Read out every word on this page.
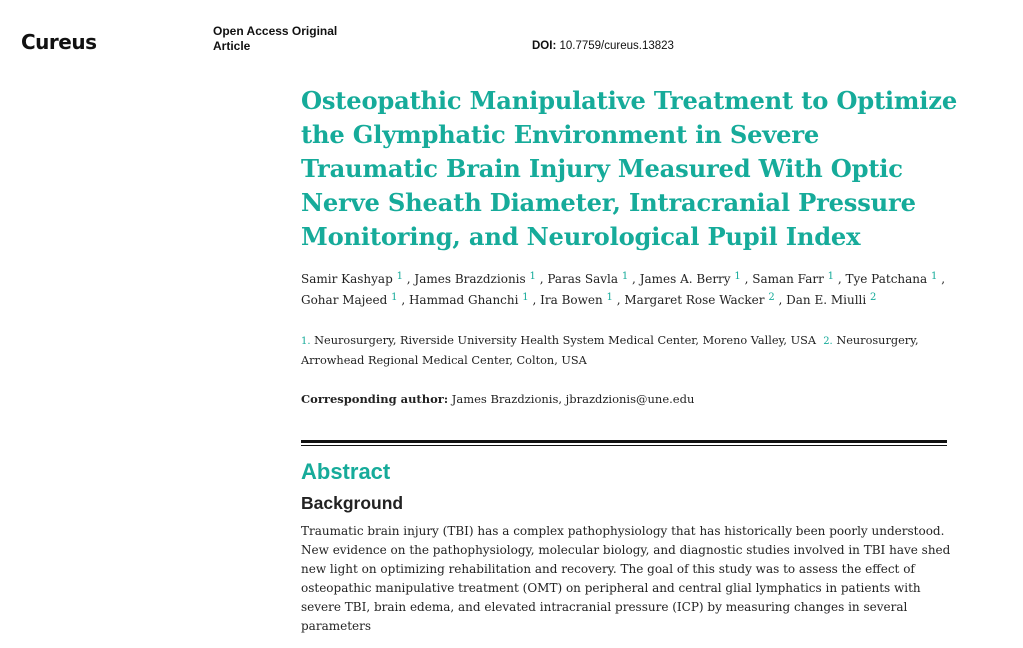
Cureus	Open Access Original Article	DOI: 10.7759/cureus.13823
Osteopathic Manipulative Treatment to Optimize the Glymphatic Environment in Severe Traumatic Brain Injury Measured With Optic Nerve Sheath Diameter, Intracranial Pressure Monitoring, and Neurological Pupil Index
Samir Kashyap $^1$ , James Brazdzionis $^1$ , Paras Savla $^1$ , James A. Berry $^1$ , Saman Farr $^1$ , Tye Patchana $^1$ ,
Gohar Majeed $^1$ , Hammad Ghanchi $^1$ , Ira Bowen $^1$ , Margaret Rose Wacker $^2$ , Dan E. Miulli $^2$
1. Neurosurgery, Riverside University Health System Medical Center, Moreno Valley, USA 2. Neurosurgery, Arrowhead Regional Medical Center, Colton, USA
Corresponding author: James Brazdzionis, jbrazdzionis@une.edu
Abstract
Background

Traumatic brain injury (TBI) has a complex pathophysiology that has historically been poorly understood. New evidence on the pathophysiology, molecular biology, and diagnostic studies involved in TBI have shed new light on optimizing rehabilitation and recovery. The goal of this study was to assess the effect of osteopathic manipulative treatment (OMT) on peripheral and central glial lymphatics in patients with severe TBI, brain edema, and elevated intracranial pressure (ICP) by measuring changes in several parameters
